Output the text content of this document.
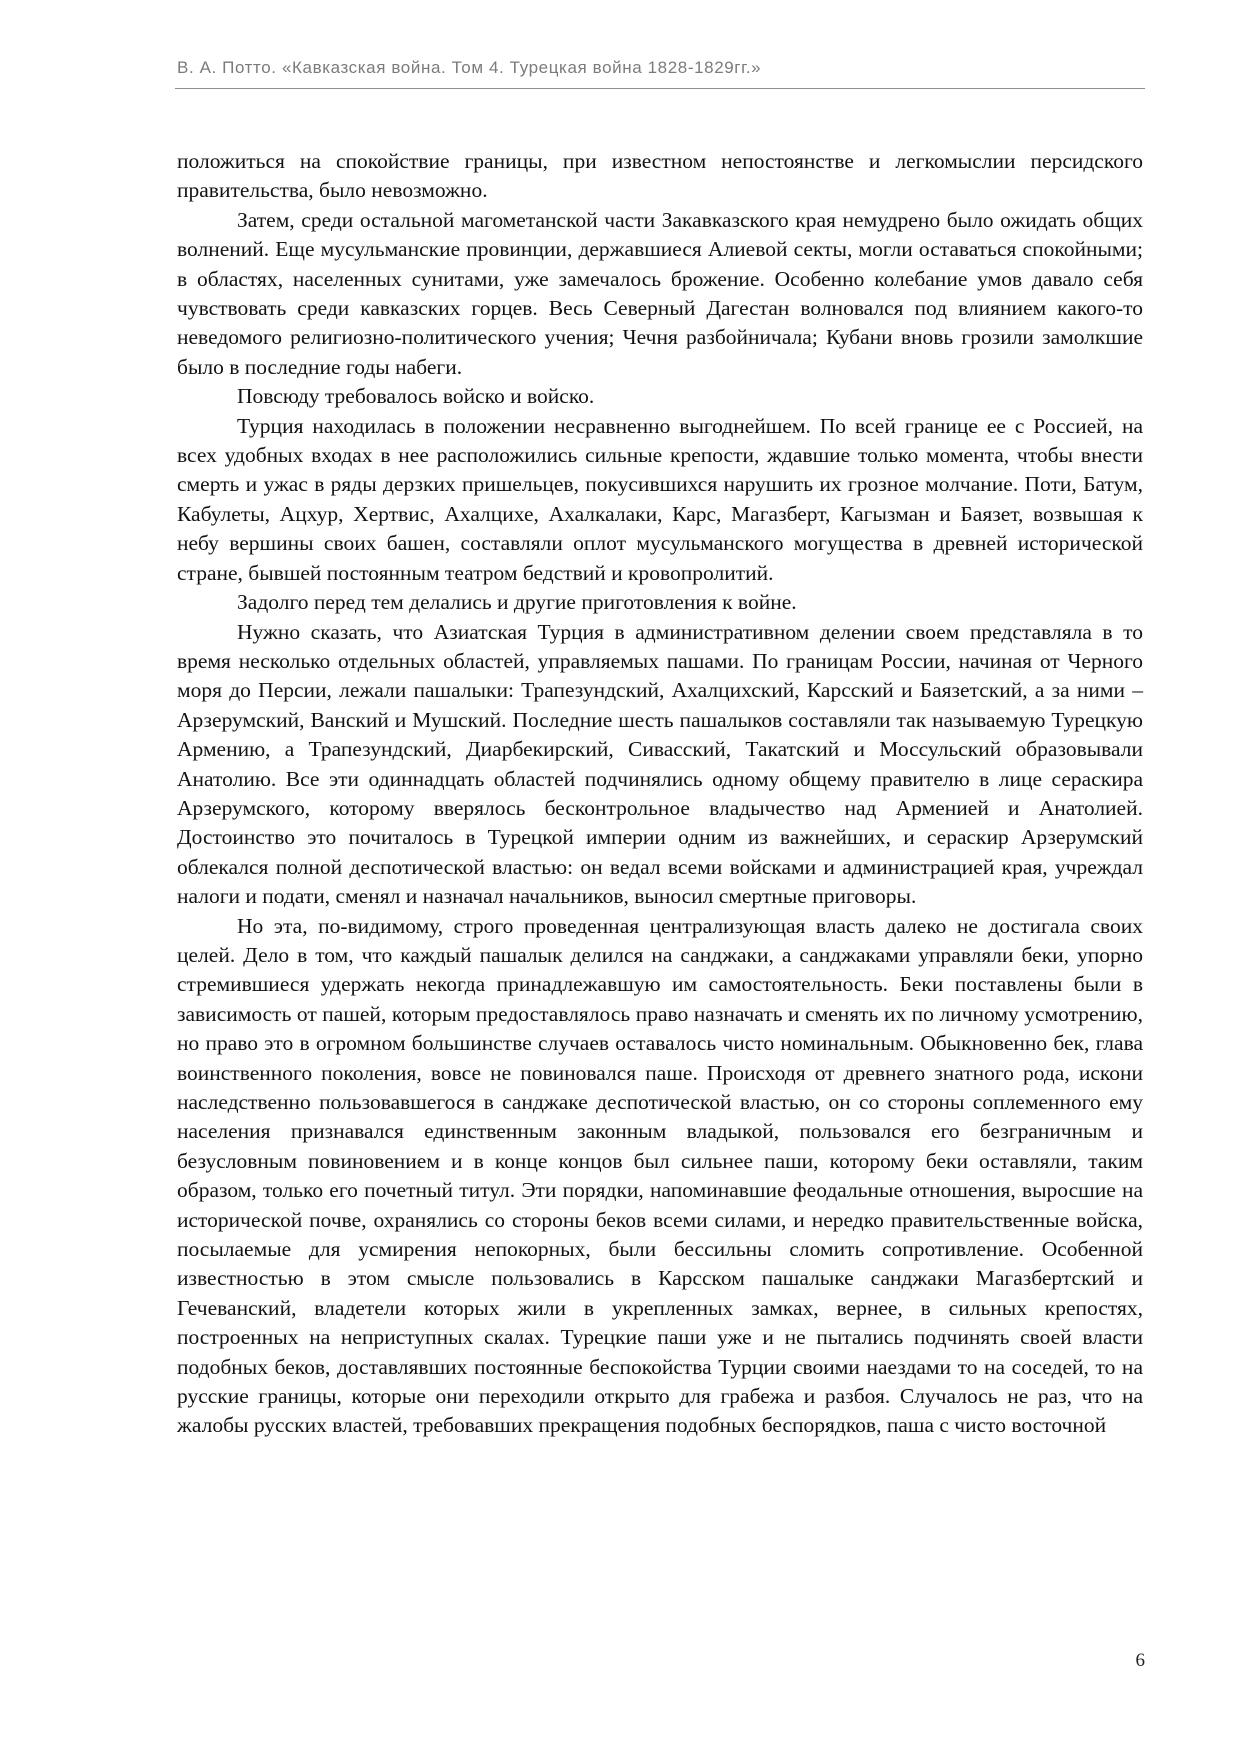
В. А. Потто. «Кавказская война. Том 4. Турецкая война 1828-1829гг.»

положиться на спокойствие границы, при известном непостоянстве и легкомыслии персидского правительства, было невозможно.

Затем, среди остальной магометанской части Закавказского края немудрено было ожидать общих волнений. Еще мусульманские провинции, державшиеся Алиевой секты, могли оставаться спокойными; в областях, населенных сунитами, уже замечалось брожение. Особенно колебание умов давало себя чувствовать среди кавказских горцев. Весь Северный Дагестан волновался под влиянием какого-то неведомого религиозно-политического учения; Чечня разбойничала; Кубани вновь грозили замолкшие было в последние годы набеги.

Повсюду требовалось войско и войско.

Турция находилась в положении несравненно выгоднейшем. По всей границе ее с Россией, на всех удобных входах в нее расположились сильные крепости, ждавшие только момента, чтобы внести смерть и ужас в ряды дерзких пришельцев, покусившихся нарушить их грозное молчание. Поти, Батум, Кабулеты, Ацхур, Хертвис, Ахалцихе, Ахалкалаки, Карс, Магазберт, Кагызман и Баязет, возвышая к небу вершины своих башен, составляли оплот мусульманского могущества в древней исторической стране, бывшей постоянным театром бедствий и кровопролитий.

Задолго перед тем делались и другие приготовления к войне.

Нужно сказать, что Азиатская Турция в административном делении своем представляла в то время несколько отдельных областей, управляемых пашами. По границам России, начиная от Черного моря до Персии, лежали пашалыки: Трапезундский, Ахалцихский, Карсский и Баязетский, а за ними – Арзерумский, Ванский и Мушский. Последние шесть пашалыков составляли так называемую Турецкую Армению, а Трапезундский, Диарбекирский, Сивасский, Такатский и Моссульский образовывали Анатолию. Все эти одиннадцать областей подчинялись одному общему правителю в лице сераскира Арзерумского, которому вверялось бесконтрольное владычество над Арменией и Анатолией. Достоинство это почиталось в Турецкой империи одним из важнейших, и сераскир Арзерумский облекался полной деспотической властью: он ведал всеми войсками и администрацией края, учреждал налоги и подати, сменял и назначал начальников, выносил смертные приговоры.

Но эта, по-видимому, строго проведенная централизующая власть далеко не достигала своих целей. Дело в том, что каждый пашалык делился на санджаки, а санджаками управляли беки, упорно стремившиеся удержать некогда принадлежавшую им самостоятельность. Беки поставлены были в зависимость от пашей, которым предоставлялось право назначать и сменять их по личному усмотрению, но право это в огромном большинстве случаев оставалось чисто номинальным. Обыкновенно бек, глава воинственного поколения, вовсе не повиновался паше. Происходя от древнего знатного рода, искони наследственно пользовавшегося в санджаке деспотической властью, он со стороны соплеменного ему населения признавался единственным законным владыкой, пользовался его безграничным и безусловным повиновением и в конце концов был сильнее паши, которому беки оставляли, таким образом, только его почетный титул. Эти порядки, напоминавшие феодальные отношения, выросшие на исторической почве, охранялись со стороны беков всеми силами, и нередко правительственные войска, посылаемые для усмирения непокорных, были бессильны сломить сопротивление. Особенной известностью в этом смысле пользовались в Карсском пашалыке санджаки Магазбертский и Гечеванский, владетели которых жили в укрепленных замках, вернее, в сильных крепостях, построенных на неприступных скалах. Турецкие паши уже и не пытались подчинять своей власти подобных беков, доставлявших постоянные беспокойства Турции своими наездами то на соседей, то на русские границы, которые они переходили открыто для грабежа и разбоя. Случалось не раз, что на жалобы русских властей, требовавших прекращения подобных беспорядков, паша с чисто восточной

6
